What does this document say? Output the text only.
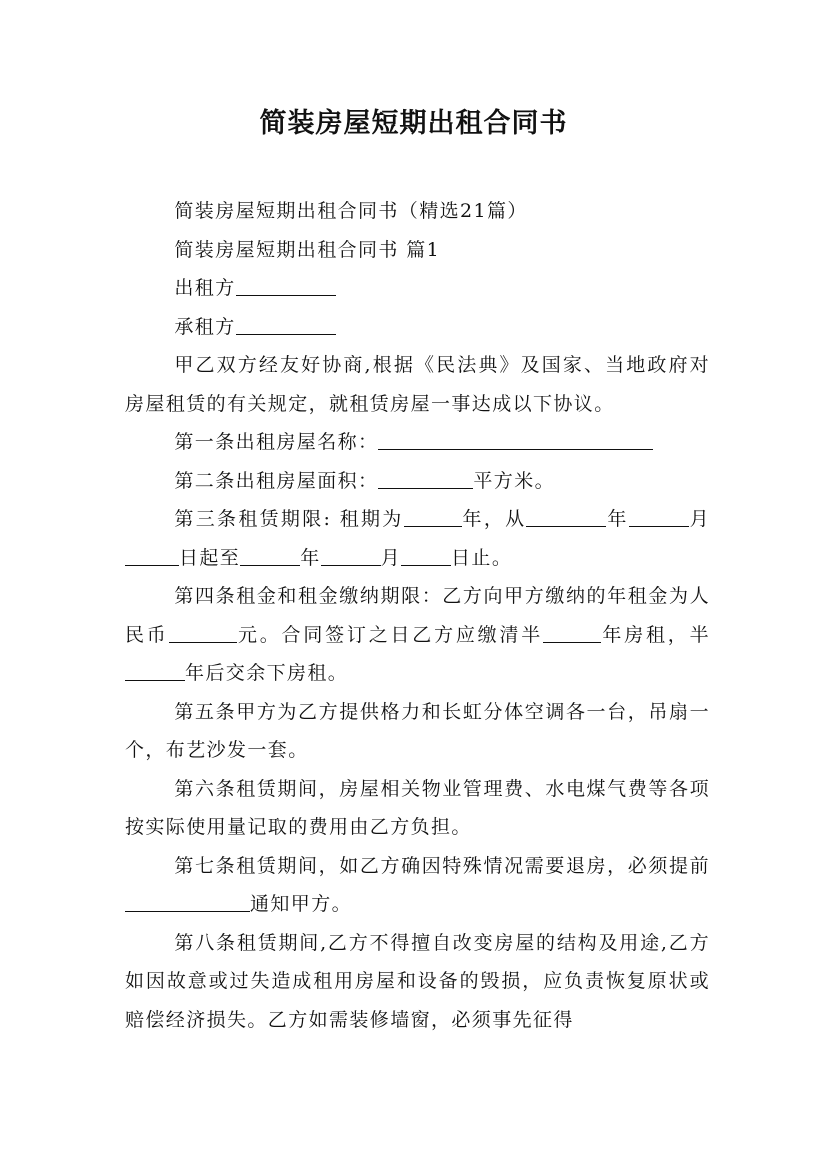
简装房屋短期出租合同书

简装房屋短期出租合同书（精选21篇）

简装房屋短期出租合同书 篇1

出租方

承租方

甲乙双方经友好协商,根据《民法典》及国家、当地政府对房屋租赁的有关规定，就租赁房屋一事达成以下协议。

第一条出租房屋名称：

第二条出租房屋面积：	平方米。

第三条租赁期限: 租期为	年，从	年	月日起至	年	月	日止。

第四条租金和租金缴纳期限：乙方向甲方缴纳的年租金为人民币	元。合同签订之日乙方应缴清半	年房租，半年后交余下房租。

第五条甲方为乙方提供格力和长虹分体空调各一台，吊扇一个，布艺沙发一套。

第六条租赁期间，房屋相关物业管理费、水电煤气费等各项按实际使用量记取的费用由乙方负担。

第七条租赁期间，如乙方确因特殊情况需要退房，必须提前通知甲方。

第八条租赁期间,乙方不得擅自改变房屋的结构及用途,乙方如因故意或过失造成租用房屋和设备的毁损，应负责恢复原状或赔偿经济损失。乙方如需装修墙窗，必须事先征得
